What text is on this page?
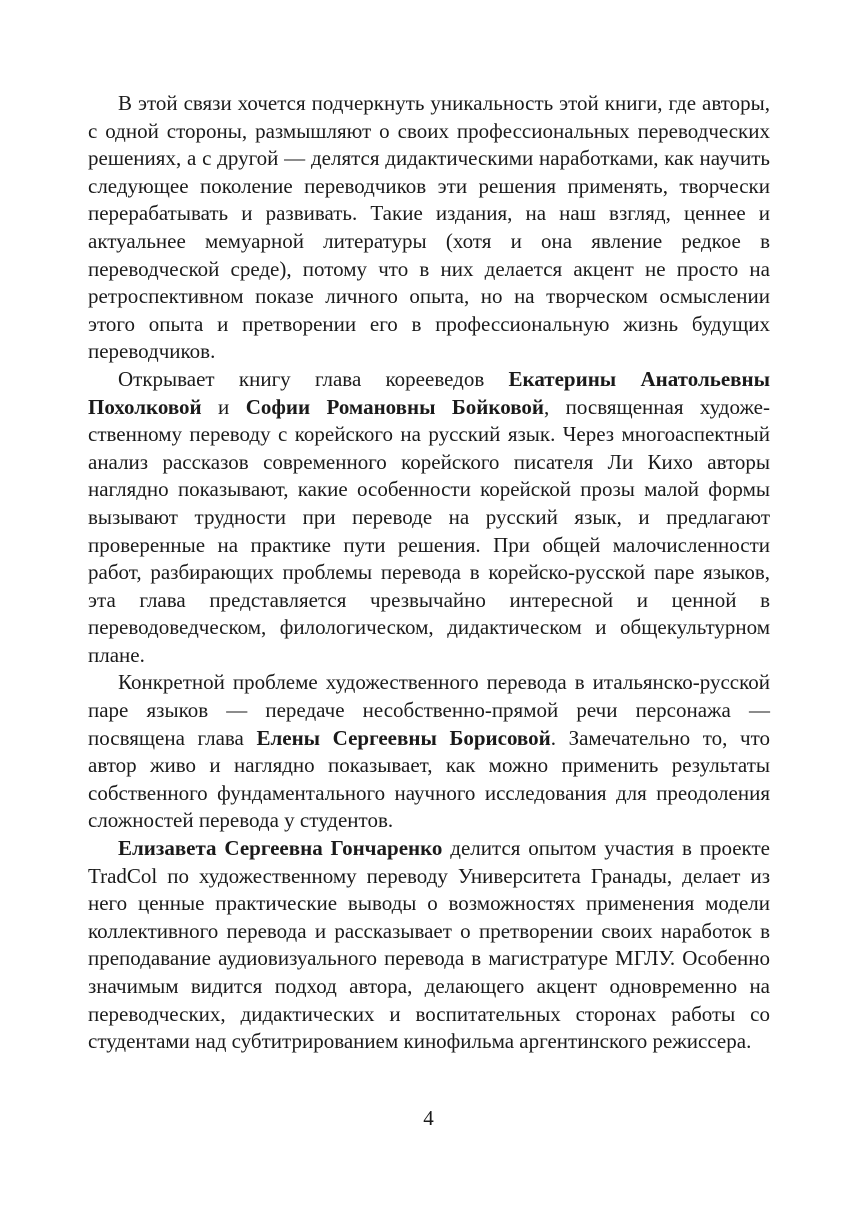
В этой связи хочется подчеркнуть уникальность этой книги, где авторы, с одной стороны, размышляют о своих профессиональных переводческих решениях, а с другой — делятся дидактическими наработками, как научить следующее поколение переводчиков эти решения применять, творчески перерабатывать и развивать. Такие издания, на наш взгляд, ценнее и актуальнее мемуарной литературы (хотя и она явление редкое в переводческой среде), потому что в них делается акцент не просто на ретроспективном показе личного опыта, но на творческом осмыслении этого опыта и претворении его в профессиональную жизнь будущих переводчиков.

Открывает книгу глава корееведов Екатерины Анатольевны Похолковой и Софии Романовны Бойковой, посвященная художественному переводу с корейского на русский язык. Через многоаспектный анализ рассказов современного корейского писателя Ли Кихо авторы наглядно показывают, какие особенности корейской прозы малой формы вызывают трудности при переводе на русский язык, и предлагают проверенные на практике пути решения. При общей малочисленности работ, разбирающих проблемы перевода в корейско-русской паре языков, эта глава представляется чрезвычайно интересной и ценной в переводоведческом, филологическом, дидактическом и общекультурном плане.

Конкретной проблеме художественного перевода в итальянско-русской паре языков — передаче несобственно-прямой речи персонажа — посвящена глава Елены Сергеевны Борисовой. Замечательно то, что автор живо и наглядно показывает, как можно применить результаты собственного фундаментального научного исследования для преодоления сложностей перевода у студентов.

Елизавета Сергеевна Гончаренко делится опытом участия в проекте TradCol по художественному переводу Университета Гранады, делает из него ценные практические выводы о возможностях применения модели коллективного перевода и рассказывает о претворении своих наработок в преподавание аудиовизуального перевода в магистратуре МГЛУ. Особенно значимым видится подход автора, делающего акцент одновременно на переводческих, дидактических и воспитательных сторонах работы со студентами над субтитрированием кинофильма аргентинского режиссера.

4
